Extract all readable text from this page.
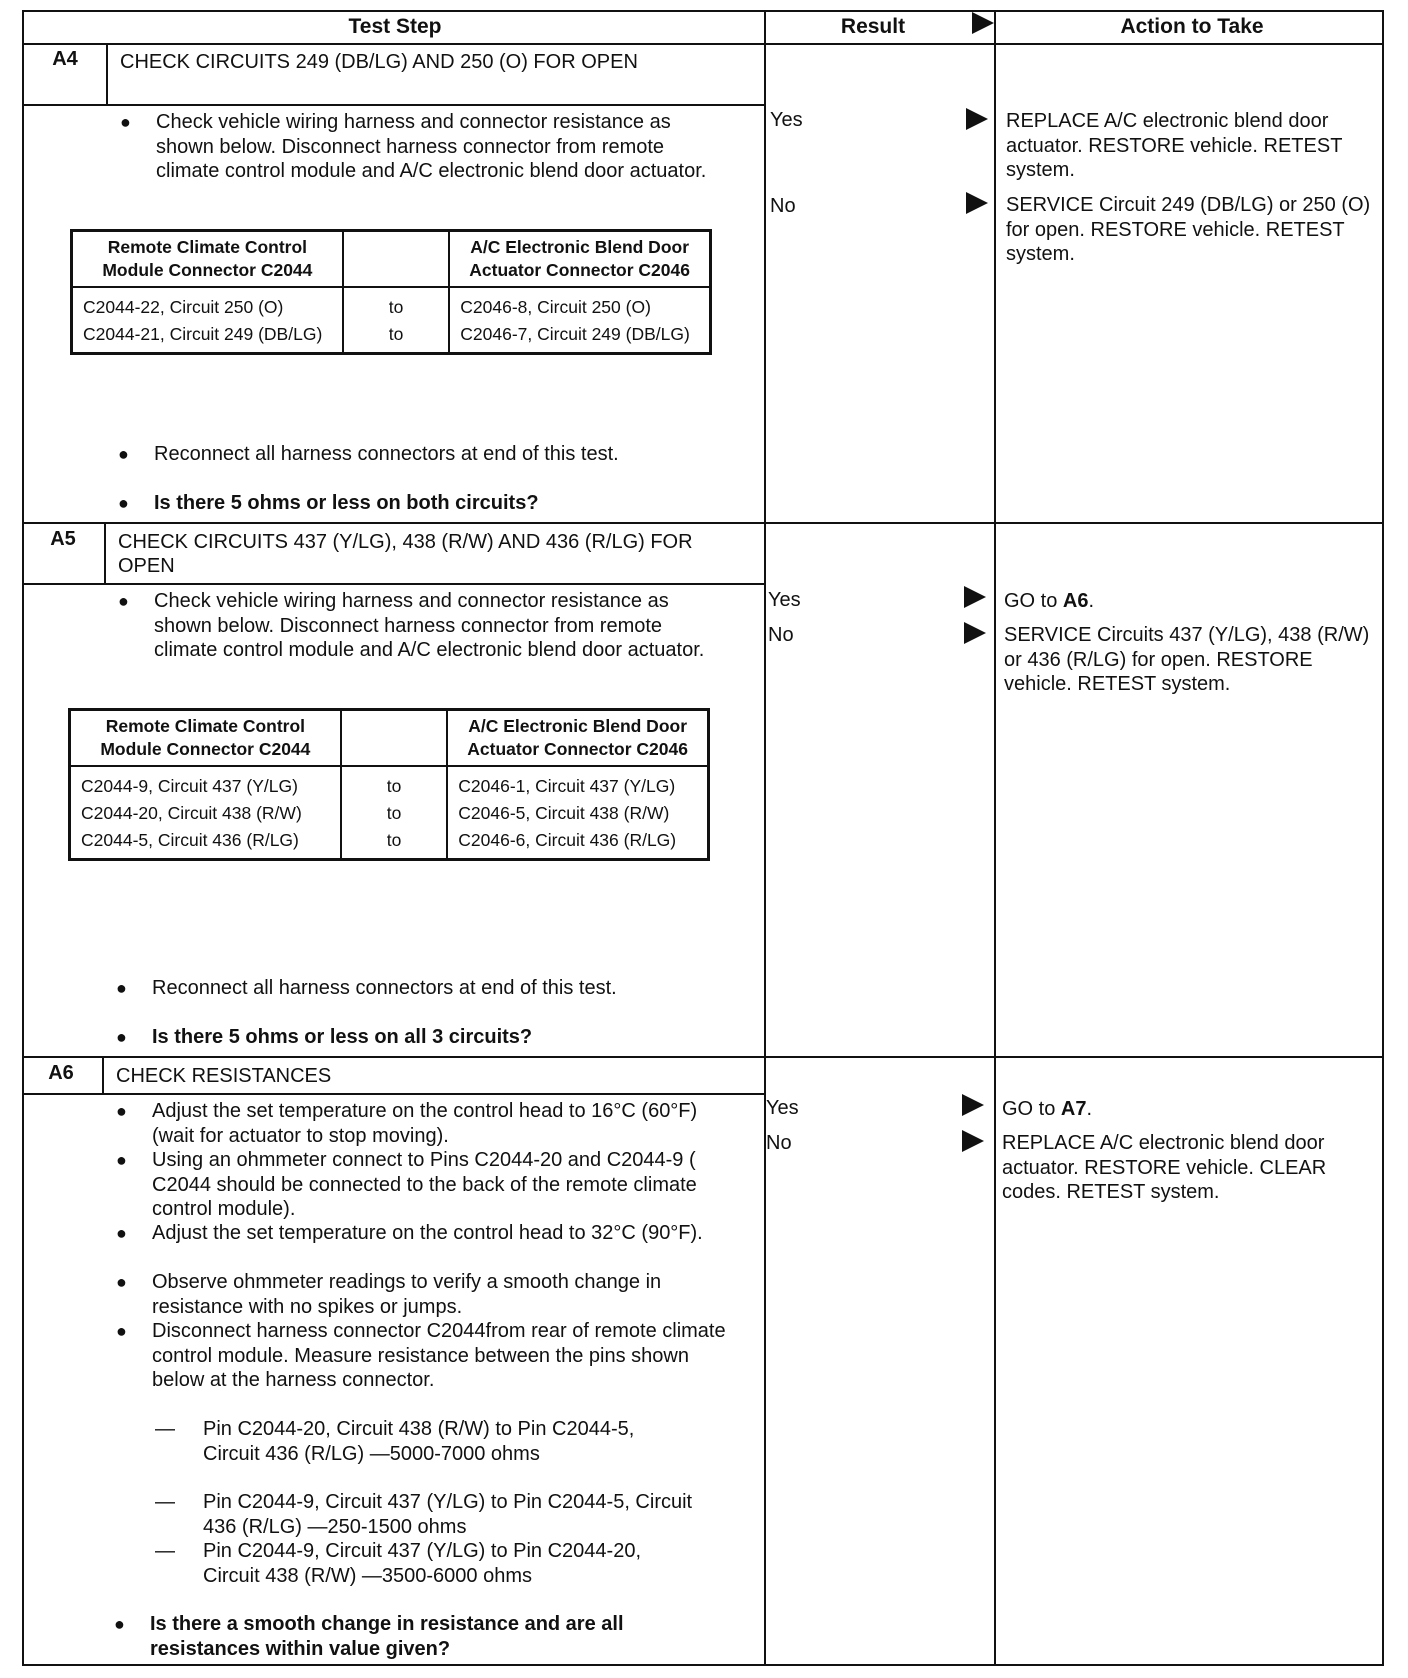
Test Step	Result	Action to Take
A4	CHECK CIRCUITS 249 (DB/LG) AND 250 (O) FOR OPEN
● Check vehicle wiring harness and connector resistance as shown below. Disconnect harness connector from remote climate control module and A/C electronic blend door actuator.
Remote Climate Control Module Connector C2044		A/C Electronic Blend Door Actuator Connector C2046
C2044-22, Circuit 250 (O)	to	C2046-8, Circuit 250 (O)
C2044-21, Circuit 249 (DB/LG)	to	C2046-7, Circuit 249 (DB/LG)
● Reconnect all harness connectors at end of this test.
● Is there 5 ohms or less on both circuits?
Yes	REPLACE A/C electronic blend door actuator. RESTORE vehicle. RETEST system.
No	SERVICE Circuit 249 (DB/LG) or 250 (O) for open. RESTORE vehicle. RETEST system.
A5	CHECK CIRCUITS 437 (Y/LG), 438 (R/W) AND 436 (R/LG) FOR OPEN
● Check vehicle wiring harness and connector resistance as shown below. Disconnect harness connector from remote climate control module and A/C electronic blend door actuator.
Remote Climate Control Module Connector C2044		A/C Electronic Blend Door Actuator Connector C2046
C2044-9, Circuit 437 (Y/LG)	to	C2046-1, Circuit 437 (Y/LG)
C2044-20, Circuit 438 (R/W)	to	C2046-5, Circuit 438 (R/W)
C2044-5, Circuit 436 (R/LG)	to	C2046-6, Circuit 436 (R/LG)
● Reconnect all harness connectors at end of this test.
● Is there 5 ohms or less on all 3 circuits?
Yes	GO to A6.
No	SERVICE Circuits 437 (Y/LG), 438 (R/W) or 436 (R/LG) for open. RESTORE vehicle. RETEST system.
A6	CHECK RESISTANCES
● Adjust the set temperature on the control head to 16°C (60°F) (wait for actuator to stop moving).
● Using an ohmmeter connect to Pins C2044-20 and C2044-9 ( C2044 should be connected to the back of the remote climate control module).
● Adjust the set temperature on the control head to 32°C (90°F).
● Observe ohmmeter readings to verify a smooth change in resistance with no spikes or jumps.
● Disconnect harness connector C2044from rear of remote climate control module. Measure resistance between the pins shown below at the harness connector.
— Pin C2044-20, Circuit 438 (R/W) to Pin C2044-5, Circuit 436 (R/LG) —5000-7000 ohms
— Pin C2044-9, Circuit 437 (Y/LG) to Pin C2044-5, Circuit 436 (R/LG) —250-1500 ohms
— Pin C2044-9, Circuit 437 (Y/LG) to Pin C2044-20, Circuit 438 (R/W) —3500-6000 ohms
● Is there a smooth change in resistance and are all resistances within value given?
Yes	GO to A7.
No	REPLACE A/C electronic blend door actuator. RESTORE vehicle. CLEAR codes. RETEST system.
